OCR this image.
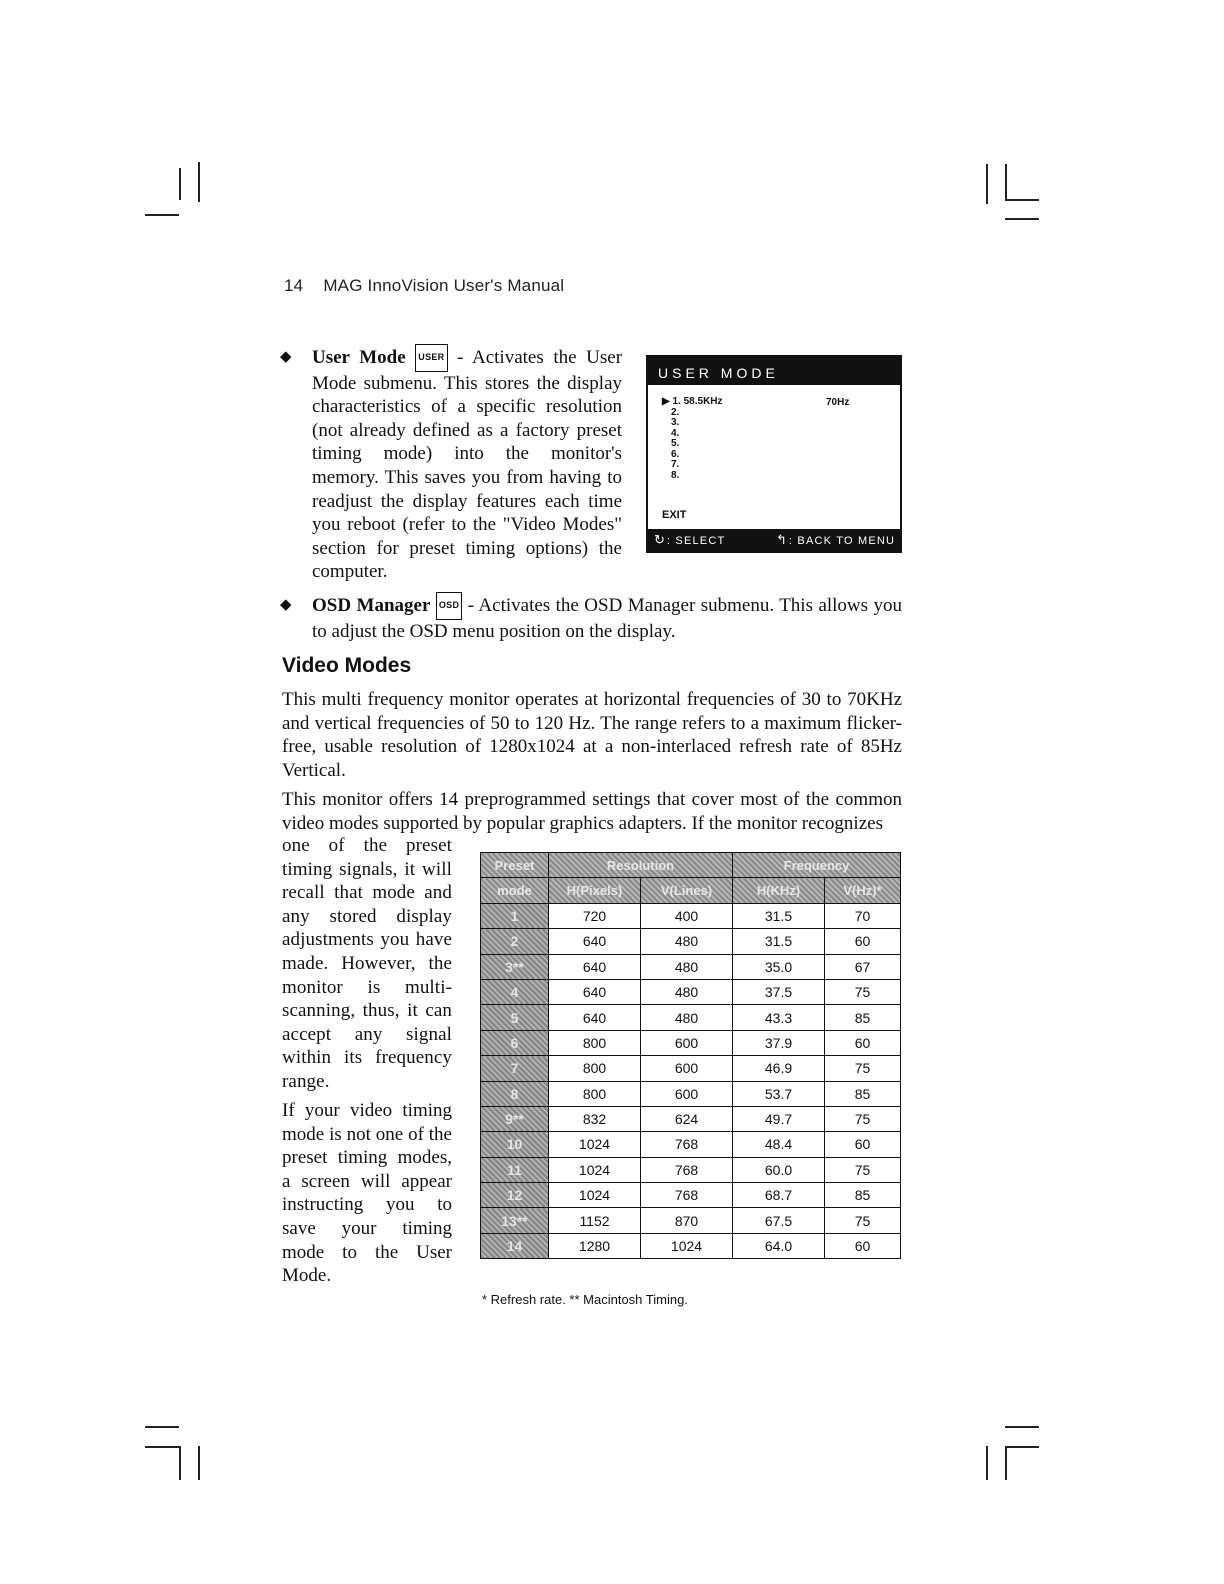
14 MAG InnoVision User's Manual
◆ User Mode USER - Activates the User Mode submenu. This stores the display characteristics of a specific resolution (not already defined as a factory preset timing mode) into the monitor's memory. This saves you from having to readjust the display features each time you reboot (refer to the "Video Modes" section for preset timing options) the computer.
USER MODE
▶ 1. 58.5KHz
2.
3.
4.
5.
6.
7.
8.
70Hz
EXIT
↻ : SELECT	↰ : BACK TO MENU
◆ OSD Manager OSD - Activates the OSD Manager submenu. This allows you to adjust the OSD menu position on the display.
Video Modes
This multi frequency monitor operates at horizontal frequencies of 30 to 70KHz and vertical frequencies of 50 to 120 Hz. The range refers to a maximum flicker-free, usable resolution of 1280x1024 at a non-interlaced refresh rate of 85Hz Vertical.
This monitor offers 14 preprogrammed settings that cover most of the common video modes supported by popular graphics adapters. If the monitor recognizes
one of the preset timing signals, it will recall that mode and any stored display adjustments you have made. However, the monitor is multi-scanning, thus, it can accept any signal within its frequency range.
If your video timing mode is not one of the preset timing modes, a screen will appear instructing you to save your timing mode to the User Mode.
Preset	Resolution		Frequency	
mode	H(Pixels)	V(Lines)	H(KHz)	V(Hz)*
1	720	400	31.5	70
2	640	480	31.5	60
3**	640	480	35.0	67
4	640	480	37.5	75
5	640	480	43.3	85
6	800	600	37.9	60
7	800	600	46.9	75
8	800	600	53.7	85
9**	832	624	49.7	75
10	1024	768	48.4	60
11	1024	768	60.0	75
12	1024	768	68.7	85
13**	1152	870	67.5	75
14	1280	1024	64.0	60
* Refresh rate. ** Macintosh Timing.
